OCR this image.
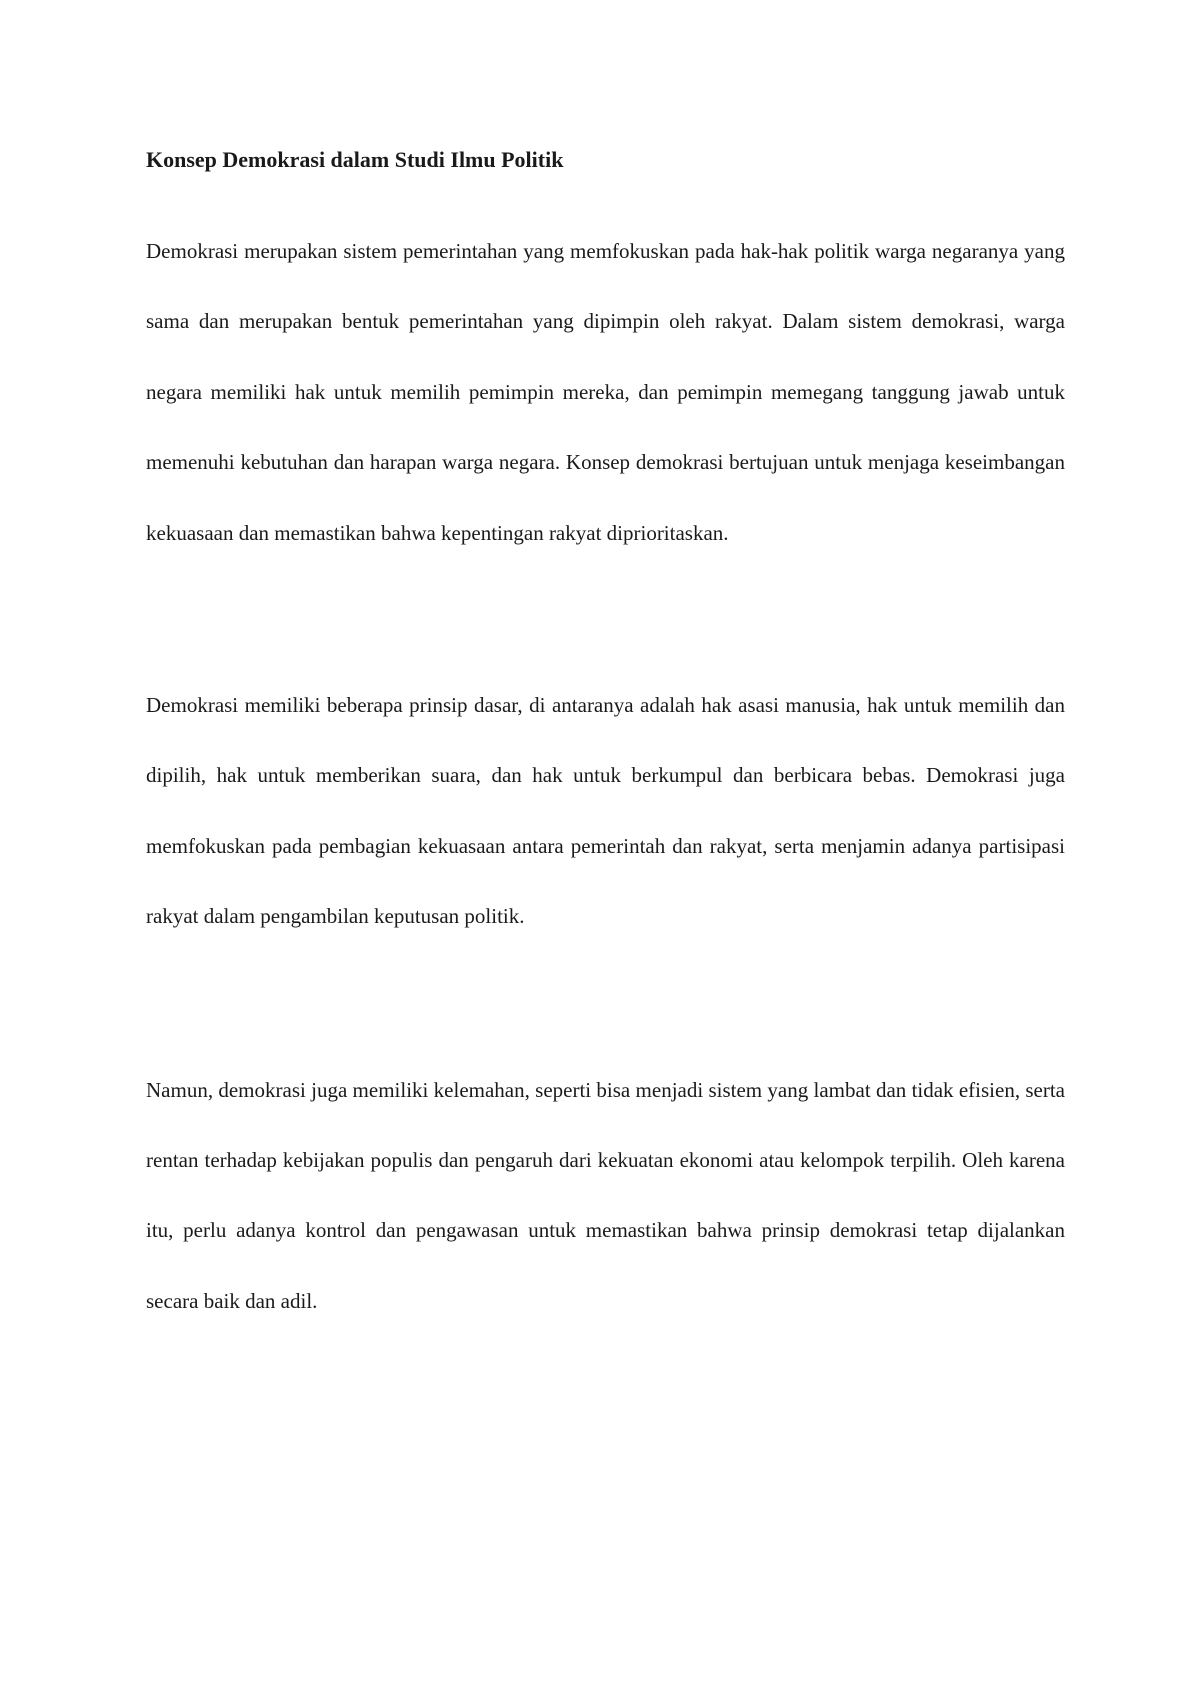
Konsep Demokrasi dalam Studi Ilmu Politik

Demokrasi merupakan sistem pemerintahan yang memfokuskan pada hak-hak politik warga negaranya yang sama dan merupakan bentuk pemerintahan yang dipimpin oleh rakyat. Dalam sistem demokrasi, warga negara memiliki hak untuk memilih pemimpin mereka, dan pemimpin memegang tanggung jawab untuk memenuhi kebutuhan dan harapan warga negara. Konsep demokrasi bertujuan untuk menjaga keseimbangan kekuasaan dan memastikan bahwa kepentingan rakyat diprioritaskan.

Demokrasi memiliki beberapa prinsip dasar, di antaranya adalah hak asasi manusia, hak untuk memilih dan dipilih, hak untuk memberikan suara, dan hak untuk berkumpul dan berbicara bebas. Demokrasi juga memfokuskan pada pembagian kekuasaan antara pemerintah dan rakyat, serta menjamin adanya partisipasi rakyat dalam pengambilan keputusan politik.

Namun, demokrasi juga memiliki kelemahan, seperti bisa menjadi sistem yang lambat dan tidak efisien, serta rentan terhadap kebijakan populis dan pengaruh dari kekuatan ekonomi atau kelompok terpilih. Oleh karena itu, perlu adanya kontrol dan pengawasan untuk memastikan bahwa prinsip demokrasi tetap dijalankan secara baik dan adil.
